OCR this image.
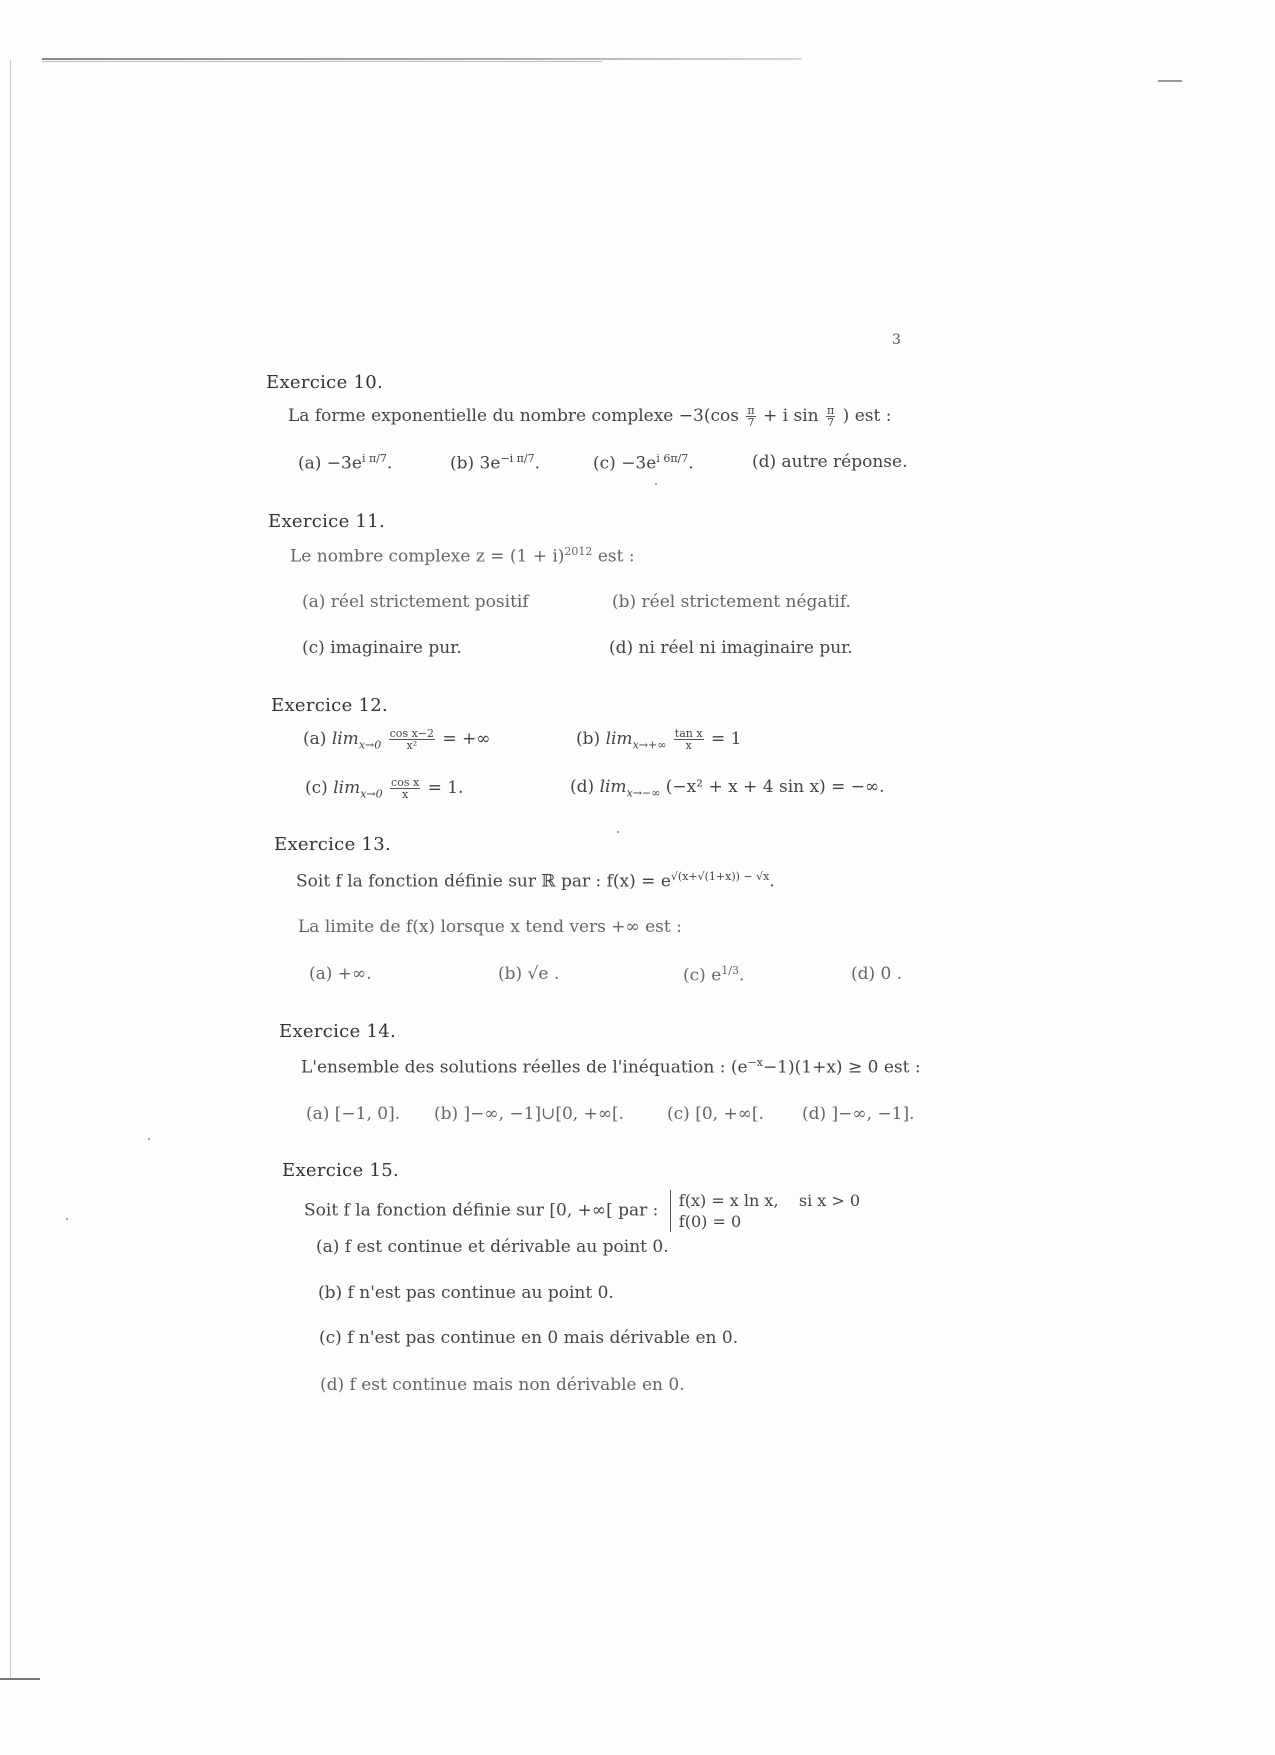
3
Exercice 10.
La forme exponentielle du nombre complexe $-3(\cos \frac{\pi}{7} + i$ $\sin \frac{\pi}{7}$ ) est :
$(a) -3e^{i \pi/7}$.	(b) $3e^{-i \pi/7}$.	$(c) -3e^{i 6\pi/7}$.	(d) autre réponse.
Exercice 11.
Le nombre complexe $z = (1 + i)^{2012}$ est :
(a) réel strictement positif	(b) réel strictement négatif.
(c) imaginaire pur.	(d) ni réel ni imaginaire pur.
Exercice 12.
(a) $\lim_{x\to 0} \frac{\text{cos x−2}}{\text{x²}}$ = +∞	(b) $\lim_{x\to+\infty} \frac{\text{tan x}}{x} = 1$
(c) $\lim_{x\to 0} \frac{\text{cos x}}{x} = 1$.	(d) $\lim_{x\to-\infty} (-x^2 + x + 4$ sin x) = −∞.
Exercice 13.
Soit f la fonction définie sur ℝ par : $f(x) = e^{√(x+√(1+x)) - √x}$.
La limite de f(x) lorsque x tend vers +∞ est :
(a) +∞.	(b) √e .	(c) $e^{1/3}$.	(d) 0 .
Exercice 14.
L'ensemble des solutions réelles de l'inéquation : $(e^{-x}-1)(1+x) \ge 0$ est :
(a) [−1, 0]. (b) ]−∞, −1]∪[0, +∞[.	(c) [0, +∞[. (d) ]−∞, −1].
Exercice 15.
Soit f la fonction définie sur [0, +∞[ par : f(x) = x ln x, si x > 0
f(0) = 0
(a) f est continue et dérivable au point 0.
(b) f n'est pas continue au point 0.
(c) f n'est pas continue en 0 mais dérivable en 0.
(d) f est continue mais non dérivable en 0.
